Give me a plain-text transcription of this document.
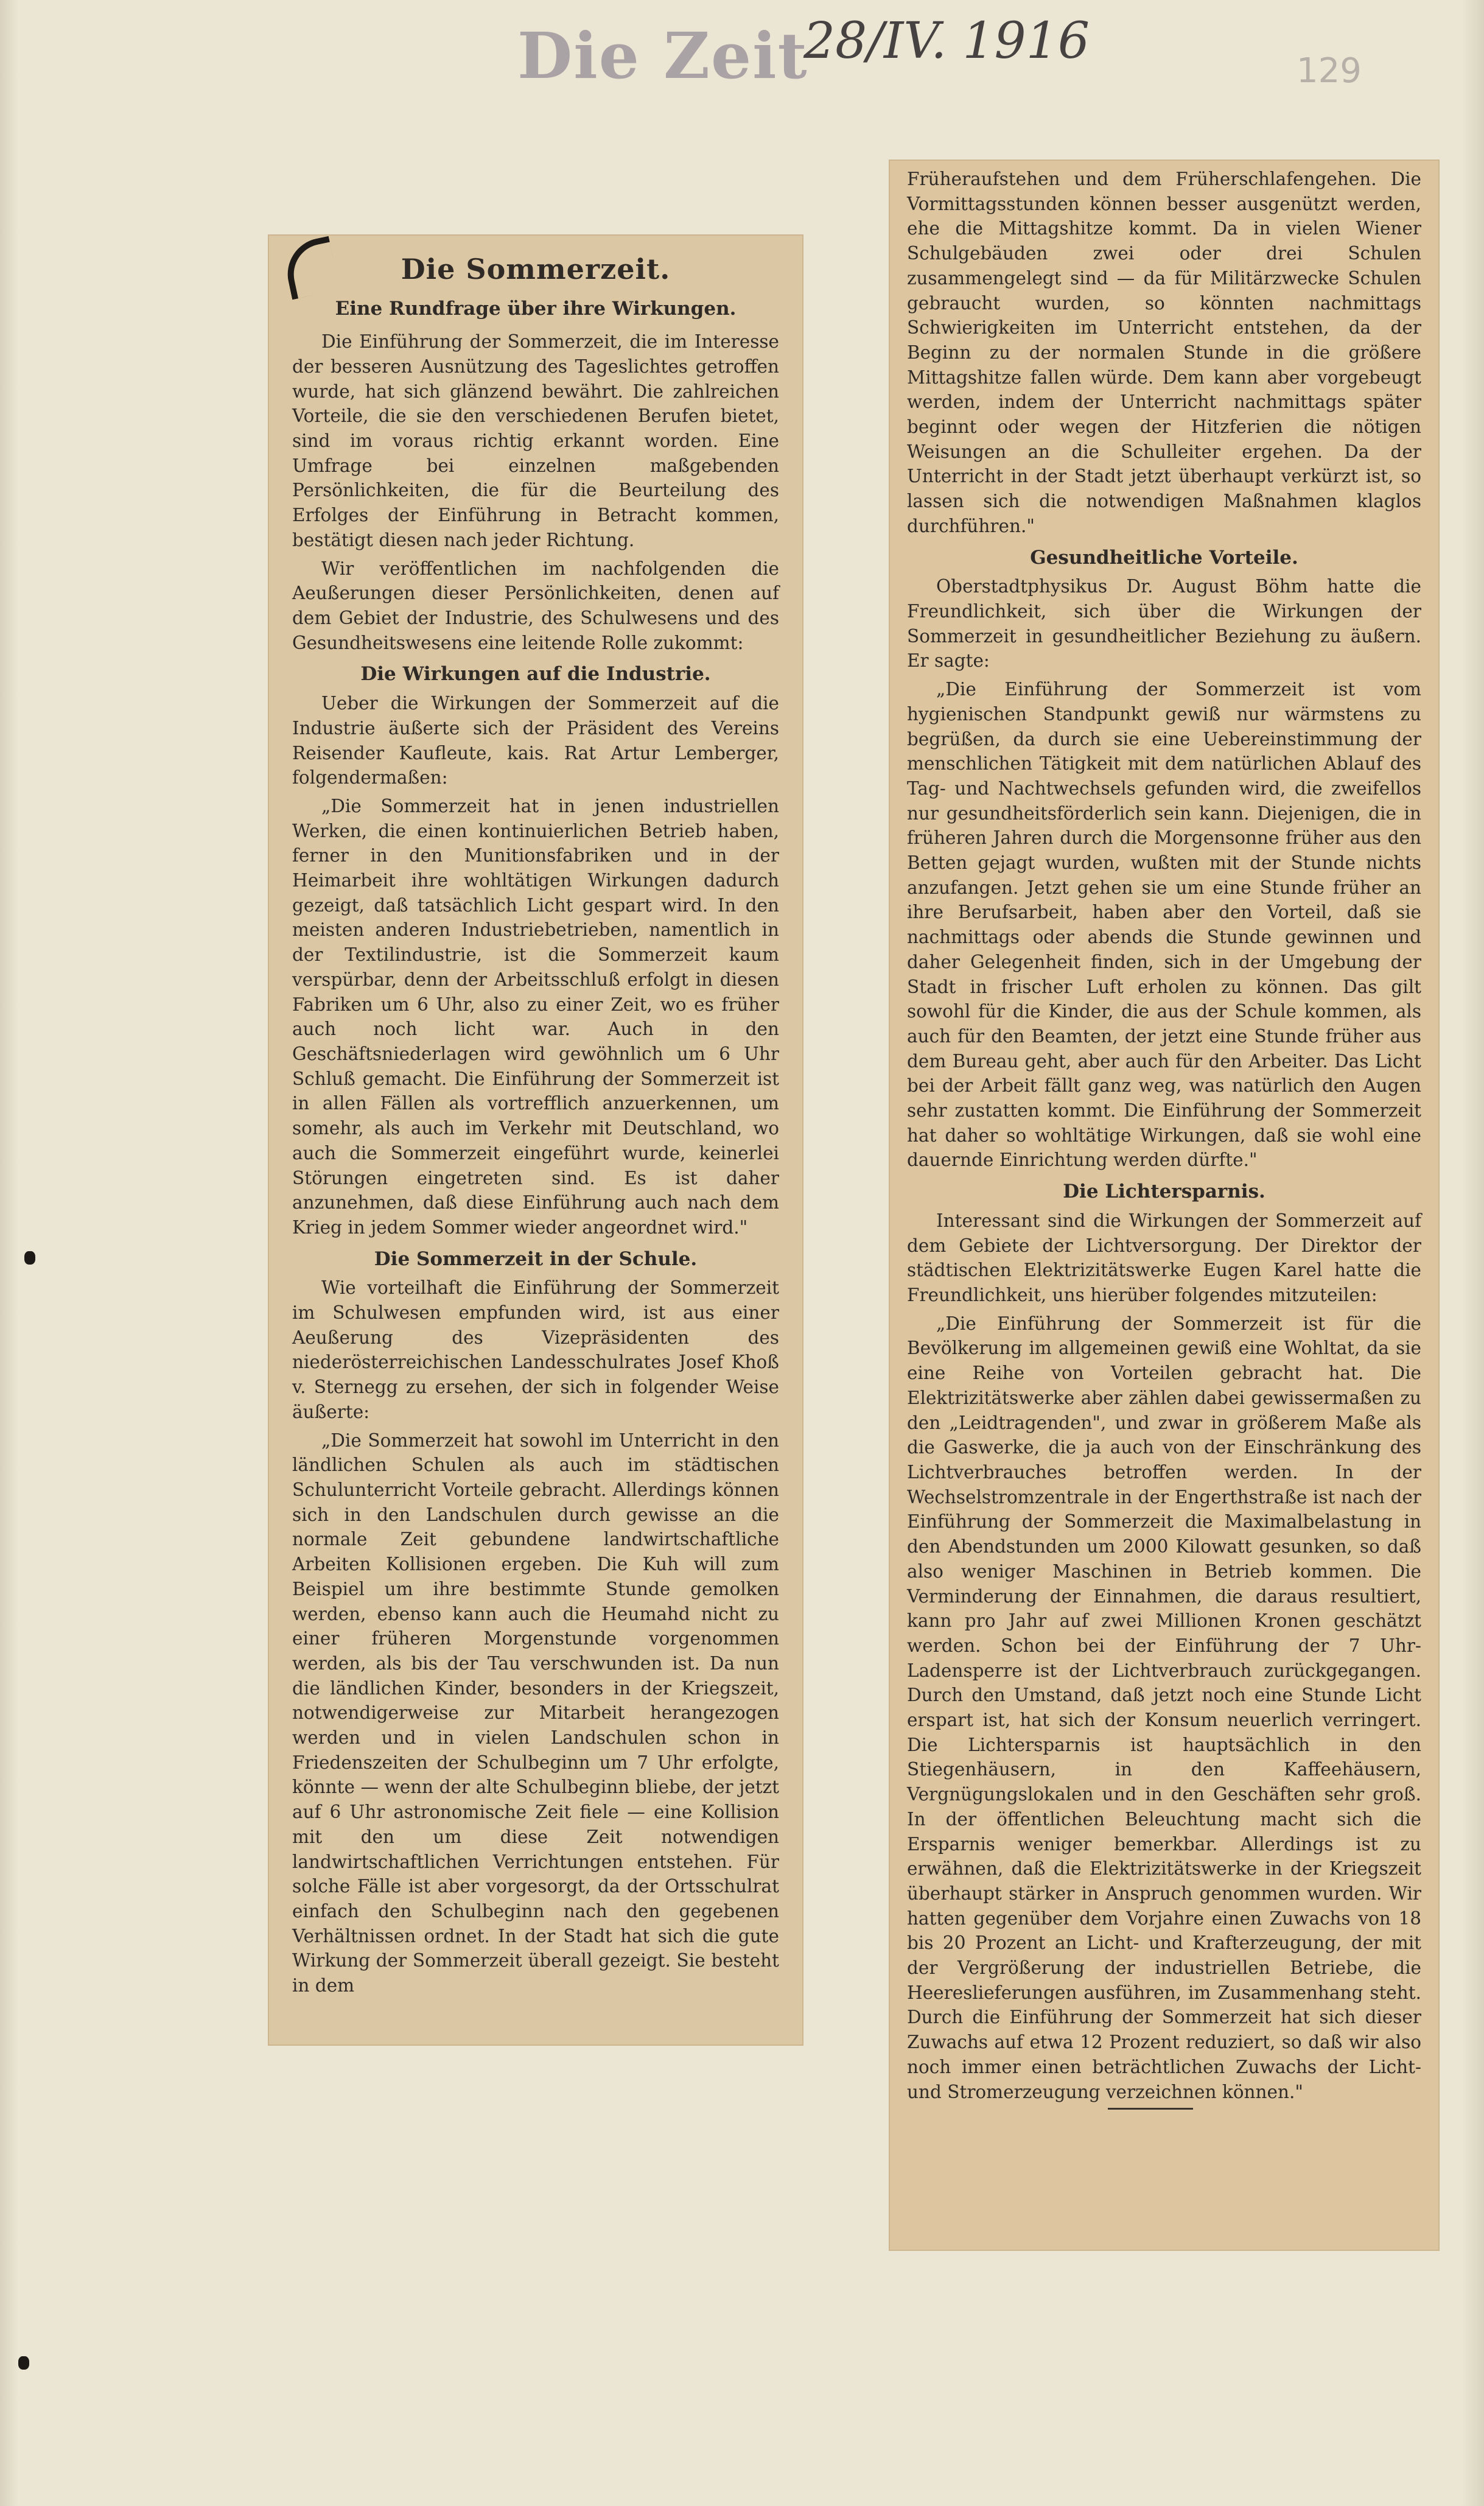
Die Zeit
28/IV. 1916
129
Die Sommerzeit.
Eine Rundfrage über ihre Wirkungen.

Die Einführung der Sommerzeit, die im Interesse der besseren Ausnützung des Tageslichtes getroffen wurde, hat sich glänzend bewährt. Die zahlreichen Vorteile, die sie den verschiedenen Berufen bietet, sind im voraus richtig erkannt worden. Eine Umfrage bei einzelnen maßgebenden Persönlichkeiten, die für die Beurteilung des Erfolges der Einführung in Betracht kommen, bestätigt diesen nach jeder Richtung.

Wir veröffentlichen im nachfolgenden die Aeußerungen dieser Persönlichkeiten, denen auf dem Gebiet der Industrie, des Schulwesens und des Gesundheitswesens eine leitende Rolle zukommt:

Die Wirkungen auf die Industrie.

Ueber die Wirkungen der Sommerzeit auf die Industrie äußerte sich der Präsident des Vereins Reisender Kaufleute, kais. Rat Artur Lemberger, folgendermaßen:

„Die Sommerzeit hat in jenen industriellen Werken, die einen kontinuierlichen Betrieb haben, ferner in den Munitionsfabriken und in der Heimarbeit ihre wohltätigen Wirkungen dadurch gezeigt, daß tatsächlich Licht gespart wird. In den meisten anderen Industriebetrieben, namentlich in der Textilindustrie, ist die Sommerzeit kaum verspürbar, denn der Arbeitsschluß erfolgt in diesen Fabriken um 6 Uhr, also zu einer Zeit, wo es früher auch noch licht war. Auch in den Geschäftsniederlagen wird gewöhnlich um 6 Uhr Schluß gemacht. Die Einführung der Sommerzeit ist in allen Fällen als vortrefflich anzuerkennen, um somehr, als auch im Verkehr mit Deutschland, wo auch die Sommerzeit eingeführt wurde, keinerlei Störungen eingetreten sind. Es ist daher anzunehmen, daß diese Einführung auch nach dem Krieg in jedem Sommer wieder angeordnet wird."

Die Sommerzeit in der Schule.

Wie vorteilhaft die Einführung der Sommerzeit im Schulwesen empfunden wird, ist aus einer Aeußerung des Vizepräsidenten des niederösterreichischen Landesschulrates Josef Khoß v. Sternegg zu ersehen, der sich in folgender Weise äußerte:

„Die Sommerzeit hat sowohl im Unterricht in den ländlichen Schulen als auch im städtischen Schulunterricht Vorteile gebracht. Allerdings können sich in den Landschulen durch gewisse an die normale Zeit gebundene landwirtschaftliche Arbeiten Kollisionen ergeben. Die Kuh will zum Beispiel um ihre bestimmte Stunde gemolken werden, ebenso kann auch die Heumahd nicht zu einer früheren Morgenstunde vorgenommen werden, als bis der Tau verschwunden ist. Da nun die ländlichen Kinder, besonders in der Kriegszeit, notwendigerweise zur Mitarbeit herangezogen werden und in vielen Landschulen schon in Friedenszeiten der Schulbeginn um 7 Uhr erfolgte, könnte — wenn der alte Schulbeginn bliebe, der jetzt auf 6 Uhr astronomische Zeit fiele — eine Kollision mit den um diese Zeit notwendigen landwirtschaftlichen Verrichtungen entstehen. Für solche Fälle ist aber vorgesorgt, da der Ortsschulrat einfach den Schulbeginn nach den gegebenen Verhältnissen ordnet. In der Stadt hat sich die gute Wirkung der Sommerzeit überall gezeigt. Sie besteht in dem

Früheraufstehen und dem Früherschlafengehen. Die Vormittagsstunden können besser ausgenützt werden, ehe die Mittagshitze kommt. Da in vielen Wiener Schulgebäuden zwei oder drei Schulen zusammengelegt sind — da für Militärzwecke Schulen gebraucht wurden, so könnten nachmittags Schwierigkeiten im Unterricht entstehen, da der Beginn zu der normalen Stunde in die größere Mittagshitze fallen würde. Dem kann aber vorgebeugt werden, indem der Unterricht nachmittags später beginnt oder wegen der Hitzferien die nötigen Weisungen an die Schulleiter ergehen. Da der Unterricht in der Stadt jetzt überhaupt verkürzt ist, so lassen sich die notwendigen Maßnahmen klaglos durchführen."

Gesundheitliche Vorteile.

Oberstadtphysikus Dr. August Böhm hatte die Freundlichkeit, sich über die Wirkungen der Sommerzeit in gesundheitlicher Beziehung zu äußern. Er sagte:

„Die Einführung der Sommerzeit ist vom hygienischen Standpunkt gewiß nur wärmstens zu begrüßen, da durch sie eine Uebereinstimmung der menschlichen Tätigkeit mit dem natürlichen Ablauf des Tag- und Nachtwechsels gefunden wird, die zweifellos nur gesundheitsförderlich sein kann. Diejenigen, die in früheren Jahren durch die Morgensonne früher aus den Betten gejagt wurden, wußten mit der Stunde nichts anzufangen. Jetzt gehen sie um eine Stunde früher an ihre Berufsarbeit, haben aber den Vorteil, daß sie nachmittags oder abends die Stunde gewinnen und daher Gelegenheit finden, sich in der Umgebung der Stadt in frischer Luft erholen zu können. Das gilt sowohl für die Kinder, die aus der Schule kommen, als auch für den Beamten, der jetzt eine Stunde früher aus dem Bureau geht, aber auch für den Arbeiter. Das Licht bei der Arbeit fällt ganz weg, was natürlich den Augen sehr zustatten kommt. Die Einführung der Sommerzeit hat daher so wohltätige Wirkungen, daß sie wohl eine dauernde Einrichtung werden dürfte."

Die Lichtersparnis.

Interessant sind die Wirkungen der Sommerzeit auf dem Gebiete der Lichtversorgung. Der Direktor der städtischen Elektrizitätswerke Eugen Karel hatte die Freundlichkeit, uns hierüber folgendes mitzuteilen:

„Die Einführung der Sommerzeit ist für die Bevölkerung im allgemeinen gewiß eine Wohltat, da sie eine Reihe von Vorteilen gebracht hat. Die Elektrizitätswerke aber zählen dabei gewissermaßen zu den „Leidtragenden", und zwar in größerem Maße als die Gaswerke, die ja auch von der Einschränkung des Lichtverbrauches betroffen werden. In der Wechselstromzentrale in der Engerthstraße ist nach der Einführung der Sommerzeit die Maximalbelastung in den Abendstunden um 2000 Kilowatt gesunken, so daß also weniger Maschinen in Betrieb kommen. Die Verminderung der Einnahmen, die daraus resultiert, kann pro Jahr auf zwei Millionen Kronen geschätzt werden. Schon bei der Einführung der 7 Uhr-Ladensperre ist der Lichtverbrauch zurückgegangen. Durch den Umstand, daß jetzt noch eine Stunde Licht erspart ist, hat sich der Konsum neuerlich verringert. Die Lichtersparnis ist hauptsächlich in den Stiegenhäusern, in den Kaffeehäusern, Vergnügungslokalen und in den Geschäften sehr groß. In der öffentlichen Beleuchtung macht sich die Ersparnis weniger bemerkbar. Allerdings ist zu erwähnen, daß die Elektrizitätswerke in der Kriegszeit überhaupt stärker in Anspruch genommen wurden. Wir hatten gegenüber dem Vorjahre einen Zuwachs von 18 bis 20 Prozent an Licht- und Krafterzeugung, der mit der Vergrößerung der industriellen Betriebe, die Heereslieferungen ausführen, im Zusammenhang steht. Durch die Einführung der Sommerzeit hat sich dieser Zuwachs auf etwa 12 Prozent reduziert, so daß wir also noch immer einen beträchtlichen Zuwachs der Licht- und Stromerzeugung verzeichnen können."
